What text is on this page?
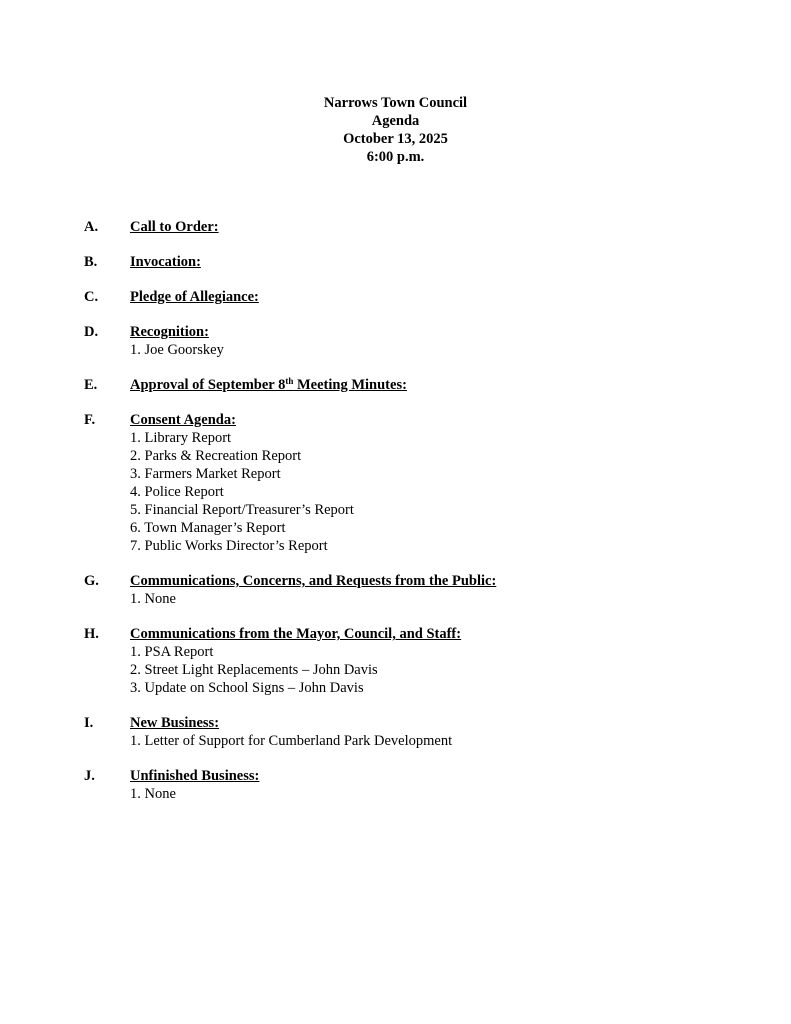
Narrows Town Council
Agenda
October 13, 2025
6:00 p.m.
A.	Call to Order:
B.	Invocation:
C.	Pledge of Allegiance:
D.	Recognition:
1. Joe Goorskey
E.	Approval of September 8th Meeting Minutes:
F.	Consent Agenda:
1. Library Report
2. Parks & Recreation Report
3. Farmers Market Report
4. Police Report
5. Financial Report/Treasurer’s Report
6. Town Manager’s Report
7. Public Works Director’s Report
G.	Communications, Concerns, and Requests from the Public:
1. None
H.	Communications from the Mayor, Council, and Staff:
1. PSA Report
2. Street Light Replacements – John Davis
3. Update on School Signs – John Davis
I.	New Business:
1. Letter of Support for Cumberland Park Development
J.	Unfinished Business:
1. None
